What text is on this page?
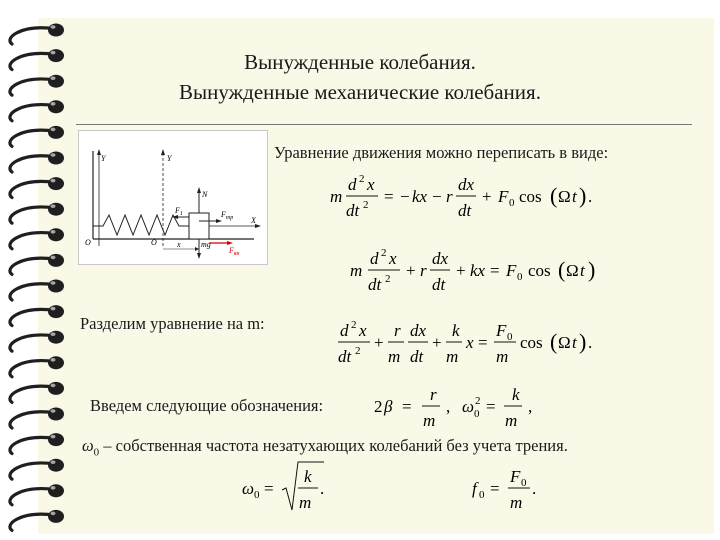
Вынужденные колебания.
Вынужденные механические колебания.
Y
O
Y
O
X
N
$F_1$	$F_{тр}$
mg
$F_{вн}$
x
Уравнение движения можно переписать в виде:
m
d 2 x
dt 2 = − kx − r
dx
dt
+ F 0 cos ( Ω t ) .
m
d 2 x
dt 2 + r
dx
dt
+ kx = F 0 cos ( Ω t )
Разделим уравнение на m:	d 2 x
dt 2 +
r
m
dx
dt
+
k
m
x =
F 0
m
cos ( Ω t ) .
Введем следующие обозначения:	2 β =
r
m
, ω 2
0 =
k
m
,
$\omega_0$ – собственная частота незатухающих колебаний без учета трения.
ω 0 =
k
m
.	f 0 =
F 0
m
.
